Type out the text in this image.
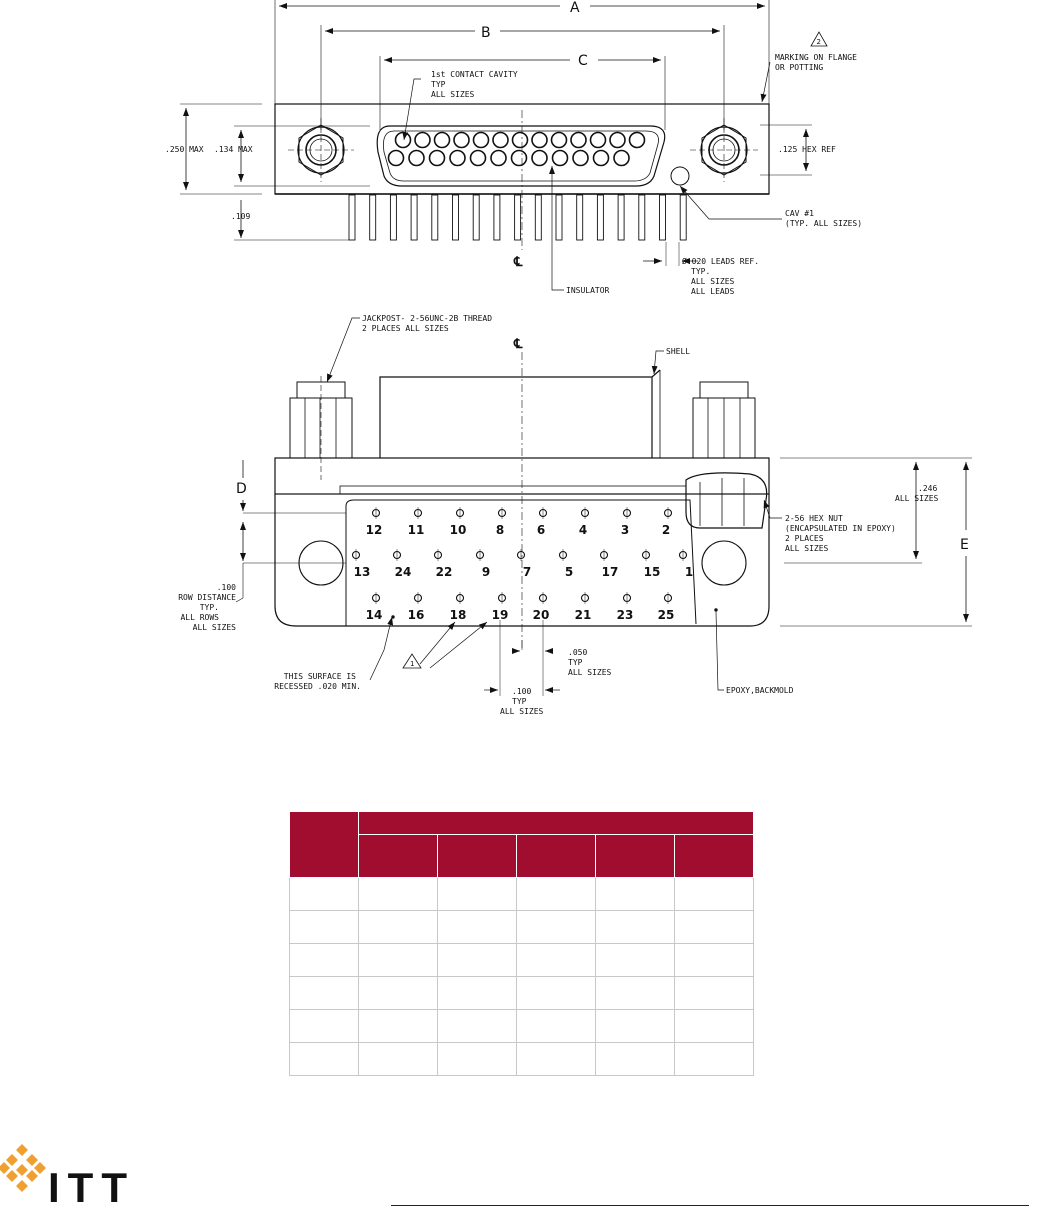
A
B
C
D
E
1st CONTACT CAVITY
TYP
ALL SIZES
2
MARKING ON FLANGE
OR POTTING
.250 MAX .134 MAX	.125 HEX REF
.109	CAV #1
(TYP. ALL SIZES)
℄	Ø.020 LEADS REF.
TYP.
ALL SIZES
ALL LEADS
INSULATOR
JACKPOST- 2-56UNC-2B THREAD
2 PLACES ALL SIZES
℄	SHELL
.246
ALL SIZES
2-56 HEX NUT
(ENCAPSULATED IN EPOXY)
2 PLACES
ALL SIZES
.100
ROW DISTANCE
TYP.
ALL ROWS
ALL SIZES
1
THIS SURFACE IS
RECESSED .020 MIN.
.050
TYP
ALL SIZES
.100
TYP
ALL SIZES
EPOXY,BACKMOLD
12 11 10 8	6	4	3	2
13 24 22 9	7	5 17 15 1
14 16 18 19 20 21 23 25

ITT
